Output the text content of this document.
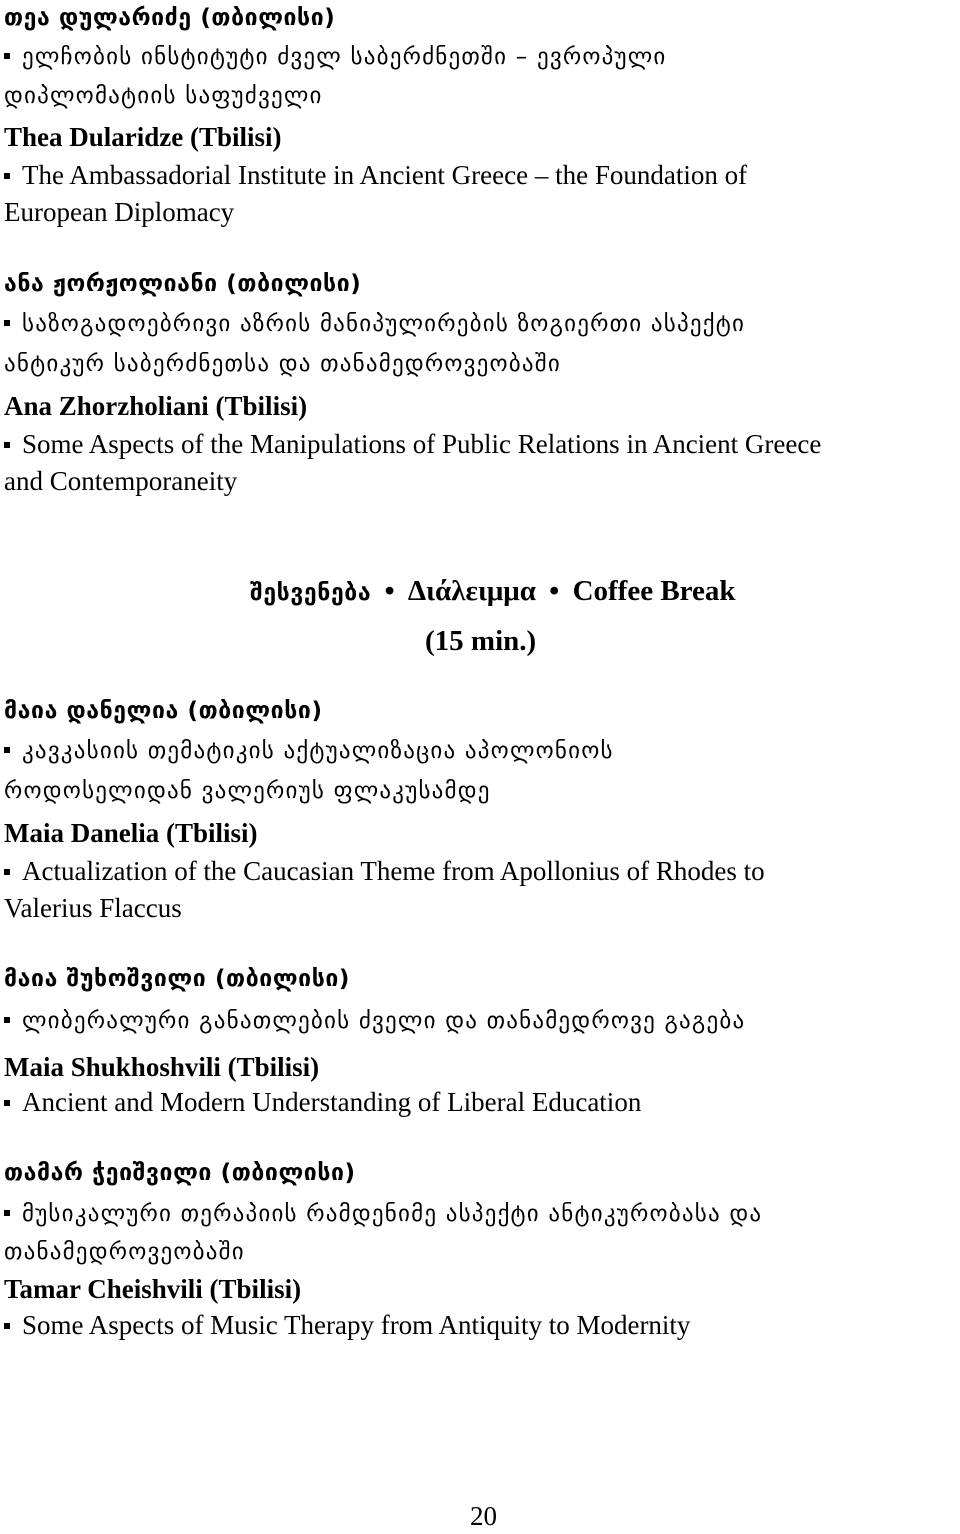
თეა დულარიძე (თბილისი)
ელჩობის ინსტიტუტი ძველ საბერძნეთში – ევროპული
დიპლომატიის საფუძველი
Thea Dularidze (Tbilisi)
The Ambassadorial Institute in Ancient Greece – the Foundation of
European Diplomacy
ანა ჟორჟოლიანი (თბილისი)
საზოგადოებრივი აზრის მანიპულირების ზოგიერთი ასპექტი
ანტიკურ საბერძნეთსა და თანამედროვეობაში
Ana Zhorzholiani (Tbilisi)
Some Aspects of the Manipulations of Public Relations in Ancient Greece
and Contemporaneity
შესვენება • Διάλειμμα • Coffee Break
(15 min.)
მაია დანელია (თბილისი)
კავკასიის თემატიკის აქტუალიზაცია აპოლონიოს
როდოსელიდან ვალერიუს ფლაკუსამდე
Maia Danelia (Tbilisi)
Actualization of the Caucasian Theme from Apollonius of Rhodes to
Valerius Flaccus
მაია შუხოშვილი (თბილისი)
ლიბერალური განათლების ძველი და თანამედროვე გაგება
Maia Shukhoshvili (Tbilisi)
Ancient and Modern Understanding of Liberal Education
თამარ ჭეიშვილი (თბილისი)
მუსიკალური თერაპიის რამდენიმე ასპექტი ანტიკურობასა და
თანამედროვეობაში
Tamar Cheishvili (Tbilisi)
Some Aspects of Music Therapy from Antiquity to Modernity
20
